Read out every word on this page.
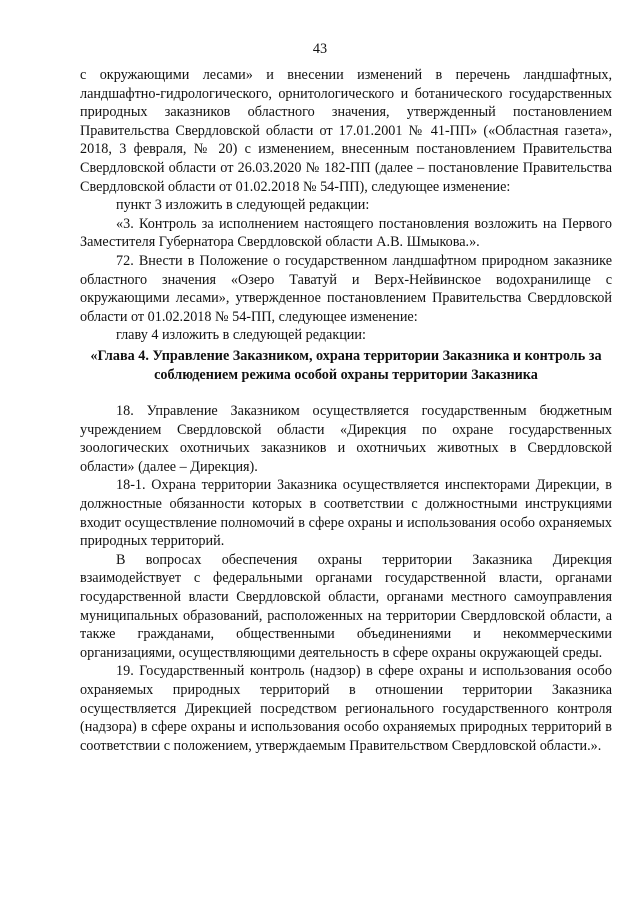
43

с окружающими лесами» и внесении изменений в перечень ландшафтных, ландшафтно-гидрологического, орнитологического и ботанического государственных природных заказников областного значения, утвержденный постановлением Правительства Свердловской области от 17.01.2001 № 41-ПП» («Областная газета», 2018, 3 февраля, № 20) с изменением, внесенным постановлением Правительства Свердловской области от 26.03.2020 № 182-ПП (далее – постановление Правительства Свердловской области от 01.02.2018 № 54-ПП), следующее изменение:

пункт 3 изложить в следующей редакции:

«3. Контроль за исполнением настоящего постановления возложить на Первого Заместителя Губернатора Свердловской области А.В. Шмыкова.».

72. Внести в Положение о государственном ландшафтном природном заказнике областного значения «Озеро Таватуй и Верх-Нейвинское водохранилище с окружающими лесами», утвержденное постановлением Правительства Свердловской области от 01.02.2018 № 54-ПП, следующее изменение:

главу 4 изложить в следующей редакции:

«Глава 4. Управление Заказником, охрана территории Заказника и контроль за соблюдением режима особой охраны территории Заказника

18. Управление Заказником осуществляется государственным бюджетным учреждением Свердловской области «Дирекция по охране государственных зоологических охотничьих заказников и охотничьих животных в Свердловской области» (далее – Дирекция).

18-1. Охрана территории Заказника осуществляется инспекторами Дирекции, в должностные обязанности которых в соответствии с должностными инструкциями входит осуществление полномочий в сфере охраны и использования особо охраняемых природных территорий.

В вопросах обеспечения охраны территории Заказника Дирекция взаимодействует с федеральными органами государственной власти, органами государственной власти Свердловской области, органами местного самоуправления муниципальных образований, расположенных на территории Свердловской области, а также гражданами, общественными объединениями и некоммерческими организациями, осуществляющими деятельность в сфере охраны окружающей среды.

19. Государственный контроль (надзор) в сфере охраны и использования особо охраняемых природных территорий в отношении территории Заказника осуществляется Дирекцией посредством регионального государственного контроля (надзора) в сфере охраны и использования особо охраняемых природных территорий в соответствии с положением, утверждаемым Правительством Свердловской области.».
